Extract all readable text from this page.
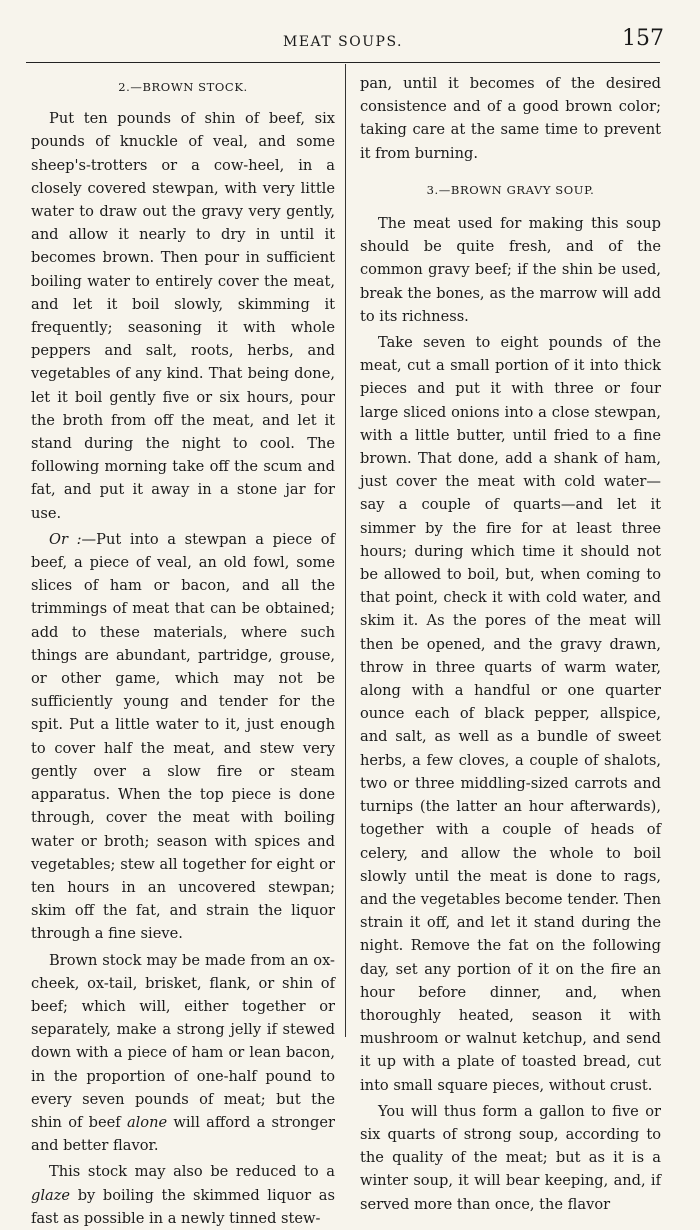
MEAT SOUPS.	157
2.—BROWN STOCK.

Put ten pounds of shin of beef, six pounds of knuckle of veal, and some sheep's-trotters or a cow-heel, in a closely covered stewpan, with very little water to draw out the gravy very gently, and allow it nearly to dry in until it becomes brown. Then pour in sufficient boiling water to entirely cover the meat, and let it boil slowly, skimming it frequently; seasoning it with whole peppers and salt, roots, herbs, and vegetables of any kind. That being done, let it boil gently five or six hours, pour the broth from off the meat, and let it stand during the night to cool. The following morning take off the scum and fat, and put it away in a stone jar for use.

Or :—Put into a stewpan a piece of beef, a piece of veal, an old fowl, some slices of ham or bacon, and all the trimmings of meat that can be obtained; add to these materials, where such things are abundant, partridge, grouse, or other game, which may not be sufficiently young and tender for the spit. Put a little water to it, just enough to cover half the meat, and stew very gently over a slow fire or steam apparatus. When the top piece is done through, cover the meat with boiling water or broth; season with spices and vegetables; stew all together for eight or ten hours in an uncovered stewpan; skim off the fat, and strain the liquor through a fine sieve.

Brown stock may be made from an ox-cheek, ox-tail, brisket, flank, or shin of beef; which will, either together or separately, make a strong jelly if stewed down with a piece of ham or lean bacon, in the proportion of one-half pound to every seven pounds of meat; but the shin of beef alone will afford a stronger and better flavor.

This stock may also be reduced to a glaze by boiling the skimmed liquor as fast as possible in a newly tinned stew-

pan, until it becomes of the desired consistence and of a good brown color; taking care at the same time to prevent it from burning.

3.—BROWN GRAVY SOUP.

The meat used for making this soup should be quite fresh, and of the common gravy beef; if the shin be used, break the bones, as the marrow will add to its richness.

Take seven to eight pounds of the meat, cut a small portion of it into thick pieces and put it with three or four large sliced onions into a close stewpan, with a little butter, until fried to a fine brown. That done, add a shank of ham, just cover the meat with cold water—say a couple of quarts—and let it simmer by the fire for at least three hours; during which time it should not be allowed to boil, but, when coming to that point, check it with cold water, and skim it. As the pores of the meat will then be opened, and the gravy drawn, throw in three quarts of warm water, along with a handful or one quarter ounce each of black pepper, allspice, and salt, as well as a bundle of sweet herbs, a few cloves, a couple of shalots, two or three middling-sized carrots and turnips (the latter an hour afterwards), together with a couple of heads of celery, and allow the whole to boil slowly until the meat is done to rags, and the vegetables become tender. Then strain it off, and let it stand during the night. Remove the fat on the following day, set any portion of it on the fire an hour before dinner, and, when thoroughly heated, season it with mushroom or walnut ketchup, and send it up with a plate of toasted bread, cut into small square pieces, without crust.

You will thus form a gallon to five or six quarts of strong soup, according to the quality of the meat; but as it is a winter soup, it will bear keeping, and, if served more than once, the flavor
